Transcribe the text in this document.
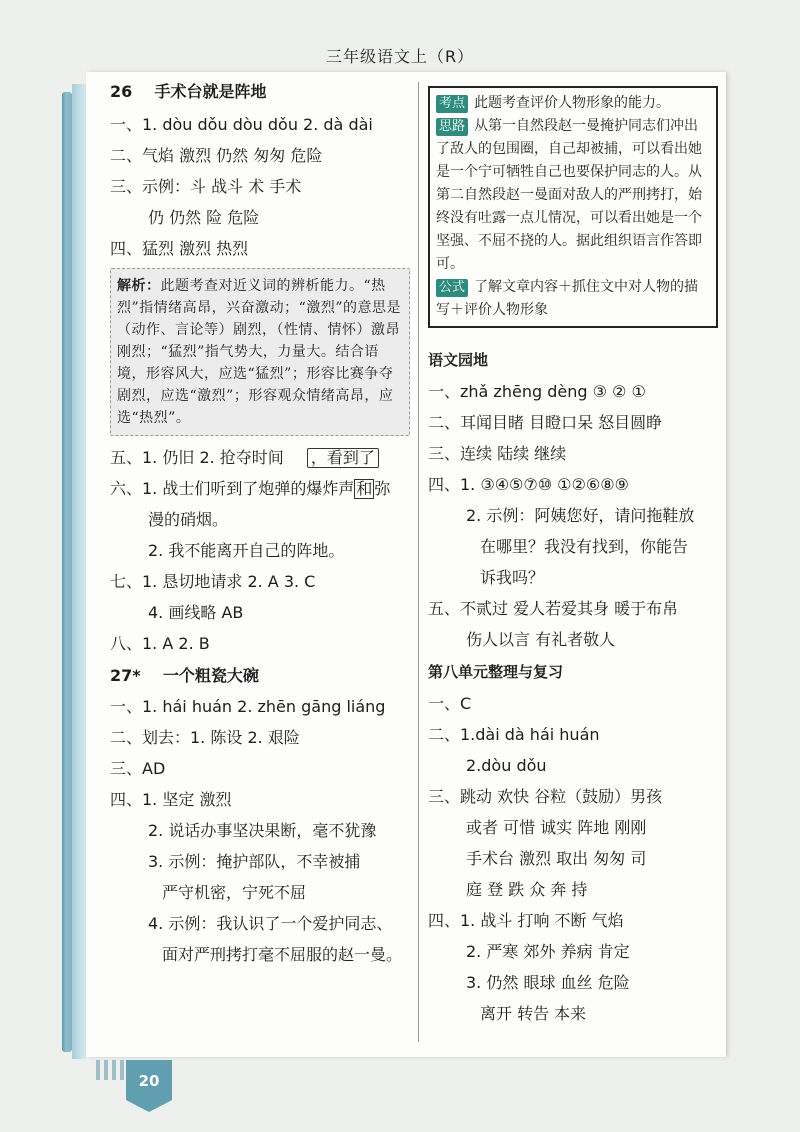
三年级语文上（R）
26 手术台就是阵地
一、1. dòu dǒu dòu dǒu 2. dà dài
二、气焰 激烈 仍然 匆匆 危险
三、示例：斗 战斗 术 手术
仍 仍然 险 危险
四、猛烈 激烈 热烈
解析：此题考查对近义词的辨析能力。“热烈”指情绪高昂，兴奋激动；“激烈”的意思是（动作、言论等）剧烈，（性情、情怀）激昂刚烈；“猛烈”指气势大，力量大。结合语境，形容风大，应选“猛烈”；形容比赛争夺剧烈，应选“激烈”；形容观众情绪高昂，应选“热烈”。
五、1. 仍旧 2. 抢夺时间 ，看到了
六、1. 战士们听到了炮弹的爆炸声 和 弥
漫的硝烟。
2. 我不能离开自己的阵地。
七、1. 恳切地请求 2. A 3. C
4. 画线略 AB
八、1. A 2. B
27* 一个粗瓷大碗
一、1. hái huán 2. zhēn gāng liáng
二、划去：1. 陈设 2. 艰险
三、AD
四、1. 坚定 激烈
2. 说话办事坚决果断，毫不犹豫
3. 示例：掩护部队，不幸被捕
严守机密，宁死不屈
4. 示例：我认识了一个爱护同志、
面对严刑拷打毫不屈服的赵一曼。
考点 此题考查评价人物形象的能力。
思路 从第一自然段赵一曼掩护同志们冲出了敌人的包围圈，自己却被捕，可以看出她是一个宁可牺牲自己也要保护同志的人。从第二自然段赵一曼面对敌人的严刑拷打，始终没有吐露一点儿情况，可以看出她是一个坚强、不屈不挠的人。据此组织语言作答即可。
公式 了解文章内容＋抓住文中对人物的描写＋评价人物形象
语文园地
一、zhǎ zhēng dèng ③ ② ①
二、耳闻目睹 目瞪口呆 怒目圆睁
三、连续 陆续 继续
四、1. ③④⑤⑦⑩ ①②⑥⑧⑨
2. 示例：阿姨您好，请问拖鞋放
在哪里？我没有找到，你能告
诉我吗？
五、不贰过 爱人若爱其身 暖于布帛
伤人以言 有礼者敬人
第八单元整理与复习
一、C
二、1.dài dà hái huán
2.dòu dǒu
三、跳动 欢快 谷粒（鼓励）男孩
或者 可惜 诚实 阵地 刚刚
手术台 激烈 取出 匆匆 司
庭 登 跌 众 奔 持
四、1. 战斗 打响 不断 气焰
2. 严寒 郊外 养病 肯定
3. 仍然 眼球 血丝 危险
离开 转告 本来
20
